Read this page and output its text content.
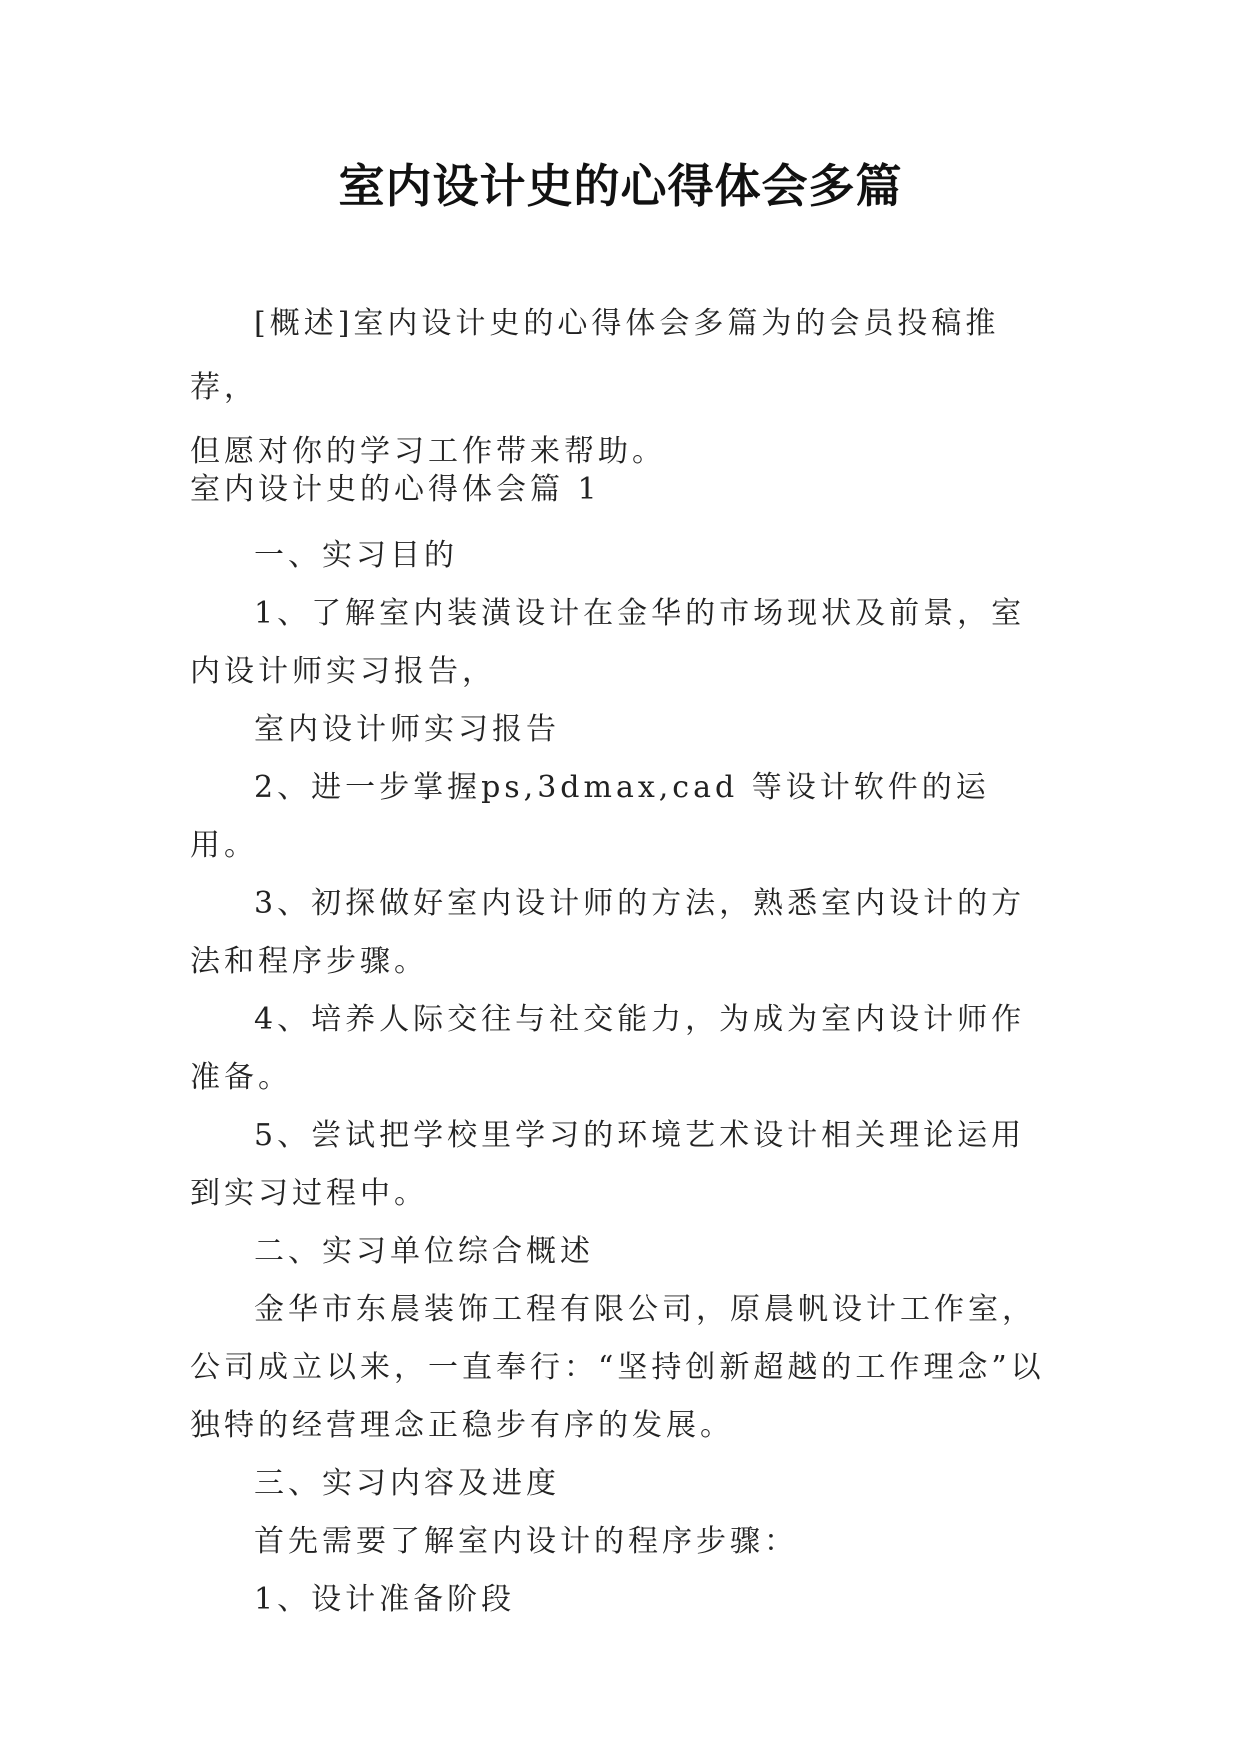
室内设计史的心得体会多篇

[概述]室内设计史的心得体会多篇为的会员投稿推荐，

但愿对你的学习工作带来帮助。

室内设计史的心得体会篇 1

一、实习目的

1、了解室内装潢设计在金华的市场现状及前景，室内设计师实习报告，

室内设计师实习报告

2、进一步掌握ps,3dmax,cad 等设计软件的运用。

3、初探做好室内设计师的方法，熟悉室内设计的方法和程序步骤。

4、培养人际交往与社交能力，为成为室内设计师作准备。

5、尝试把学校里学习的环境艺术设计相关理论运用到实习过程中。

二、实习单位综合概述

金华市东晨装饰工程有限公司，原晨帆设计工作室，公司成立以来，一直奉行：“坚持创新超越的工作理念”以独特的经营理念正稳步有序的发展。

三、实习内容及进度

首先需要了解室内设计的程序步骤：

1、设计准备阶段
